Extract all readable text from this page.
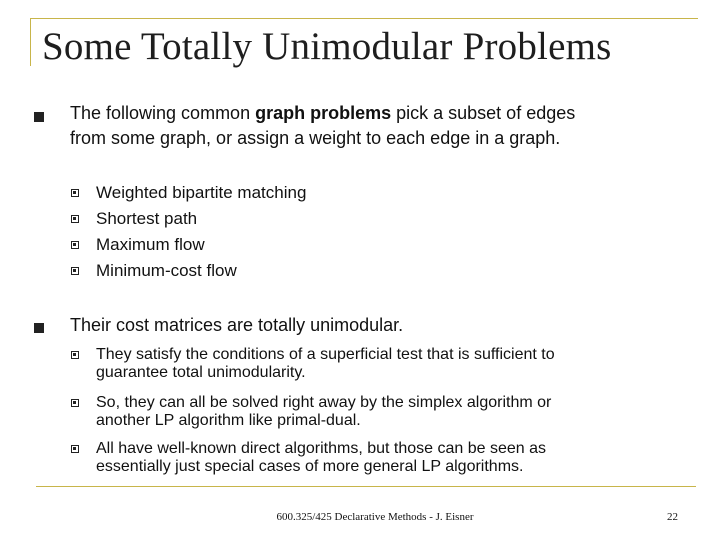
Some Totally Unimodular Problems
The following common graph problems pick a subset of edges
from some graph, or assign a weight to each edge in a graph.
Weighted bipartite matching
Shortest path
Maximum flow
Minimum-cost flow
Their cost matrices are totally unimodular.
They satisfy the conditions of a superficial test that is sufficient to
guarantee total unimodularity.
So, they can all be solved right away by the simplex algorithm or
another LP algorithm like primal-dual.
All have well-known direct algorithms, but those can be seen as
essentially just special cases of more general LP algorithms.
600.325/425 Declarative Methods - J. Eisner	22
